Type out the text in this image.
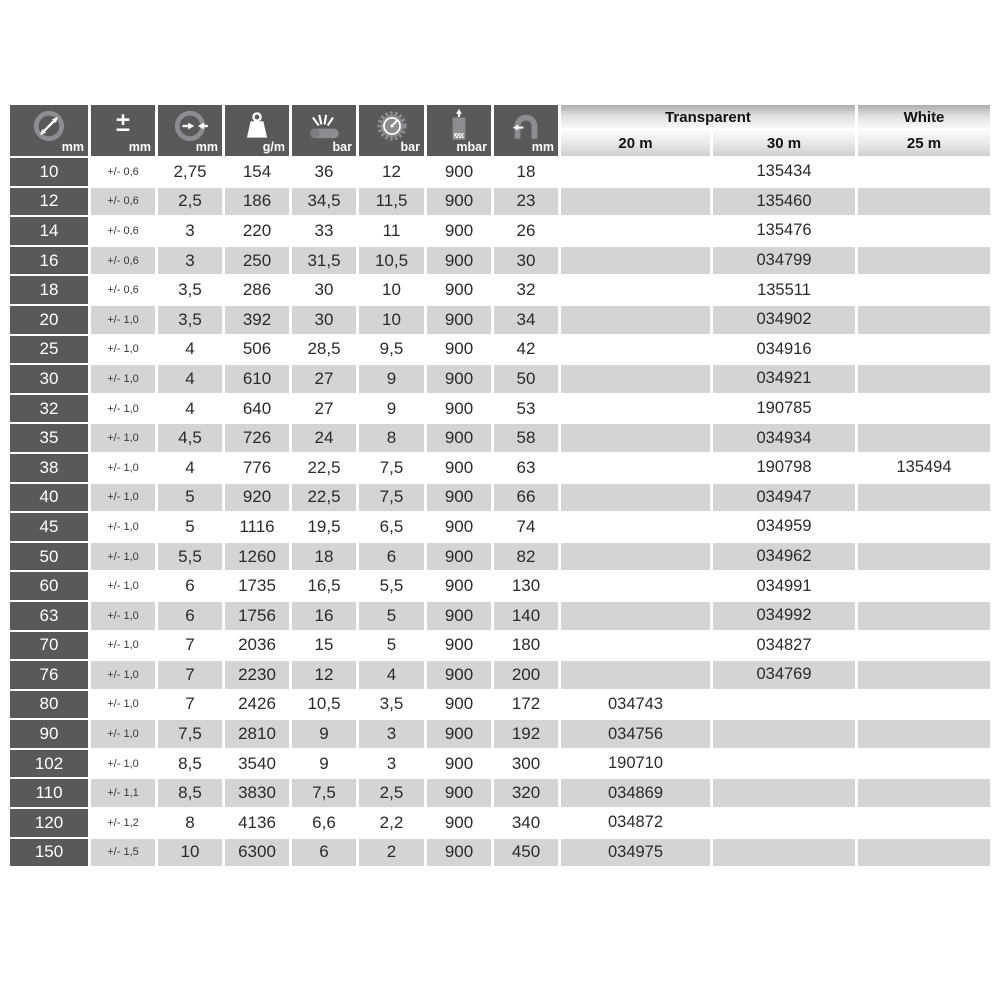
mm	mm	mm	g/m	bar	bar	mbar	mm	Transparent		White
								20 m	30 m	25 m
10	+/- 0,6	2,75	154	36	12	900	18		135434	
12	+/- 0,6	2,5	186	34,5	11,5	900	23		135460	
14	+/- 0,6	3	220	33	11	900	26		135476	
16	+/- 0,6	3	250	31,5	10,5	900	30		034799	
18	+/- 0,6	3,5	286	30	10	900	32		135511	
20	+/- 1,0	3,5	392	30	10	900	34		034902	
25	+/- 1,0	4	506	28,5	9,5	900	42		034916	
30	+/- 1,0	4	610	27	9	900	50		034921	
32	+/- 1,0	4	640	27	9	900	53		190785	
35	+/- 1,0	4,5	726	24	8	900	58		034934	
38	+/- 1,0	4	776	22,5	7,5	900	63		190798	135494
40	+/- 1,0	5	920	22,5	7,5	900	66		034947	
45	+/- 1,0	5	1116	19,5	6,5	900	74		034959	
50	+/- 1,0	5,5	1260	18	6	900	82		034962	
60	+/- 1,0	6	1735	16,5	5,5	900	130		034991	
63	+/- 1,0	6	1756	16	5	900	140		034992	
70	+/- 1,0	7	2036	15	5	900	180		034827	
76	+/- 1,0	7	2230	12	4	900	200		034769	
80	+/- 1,0	7	2426	10,5	3,5	900	172	034743		
90	+/- 1,0	7,5	2810	9	3	900	192	034756		
102	+/- 1,0	8,5	3540	9	3	900	300	190710		
110	+/- 1,1	8,5	3830	7,5	2,5	900	320	034869		
120	+/- 1,2	8	4136	6,6	2,2	900	340	034872		
150	+/- 1,5	10	6300	6	2	900	450	034975		
